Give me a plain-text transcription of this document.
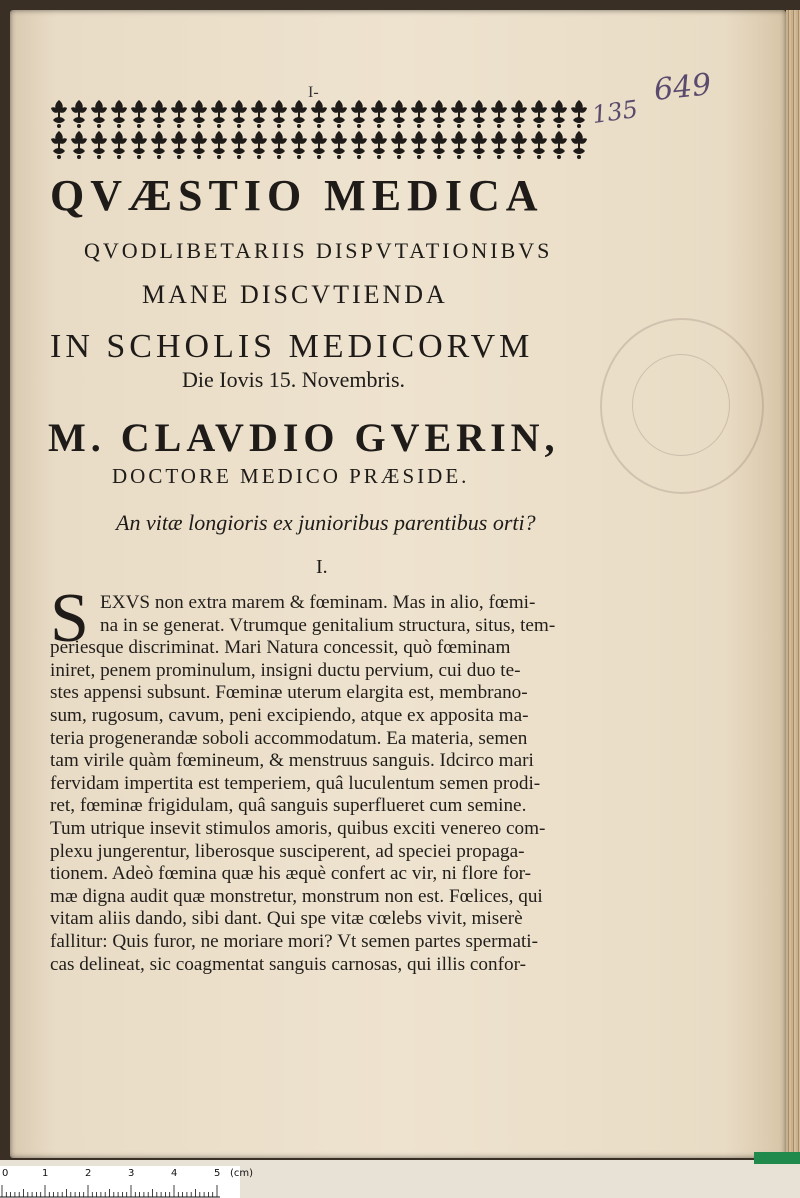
I-	649
135
QVÆSTIO MEDICA
QVODLIBETARIIS DISPVTATIONIBVS
MANE DISCVTIENDA
IN SCHOLIS MEDICORVM
Die Iovis 15. Novembris.
M. CLAVDIO GVERIN,
DOCTORE MEDICO PRÆSIDE.
An vitæ longioris ex junioribus parentibus orti?
I.
S EXVS non extra marem & fœminam. Mas in alio, fœmi-
na in se generat. Vtrumque genitalium structura, situs, tem-
periesque discriminat. Mari Natura concessit, quò fœminam
iniret, penem prominulum, insigni ductu pervium, cui duo te-
stes appensi subsunt. Fœminæ uterum elargita est, membrano-
sum, rugosum, cavum, peni excipiendo, atque ex apposita ma-
teria progenerandæ soboli accommodatum. Ea materia, semen
tam virile quàm fœmineum, & menstruus sanguis. Idcirco mari
fervidam impertita est temperiem, quâ luculentum semen prodi-
ret, fœminæ frigidulam, quâ sanguis superflueret cum semine.
Tum utrique insevit stimulos amoris, quibus exciti venereo com-
plexu jungerentur, liberosque susciperent, ad speciei propaga-
tionem. Adeò fœmina quæ his æquè confert ac vir, ni flore for-
mæ digna audit quæ monstretur, monstrum non est. Fœlices, qui
vitam aliis dando, sibi dant. Qui spe vitæ cœlebs vivit, miserè
fallitur: Quis furor, ne moriare mori? Vt semen partes spermati-
cas delineat, sic coagmentat sanguis carnosas, qui illis confor-
0	1	2	3	4	5 (cm)
